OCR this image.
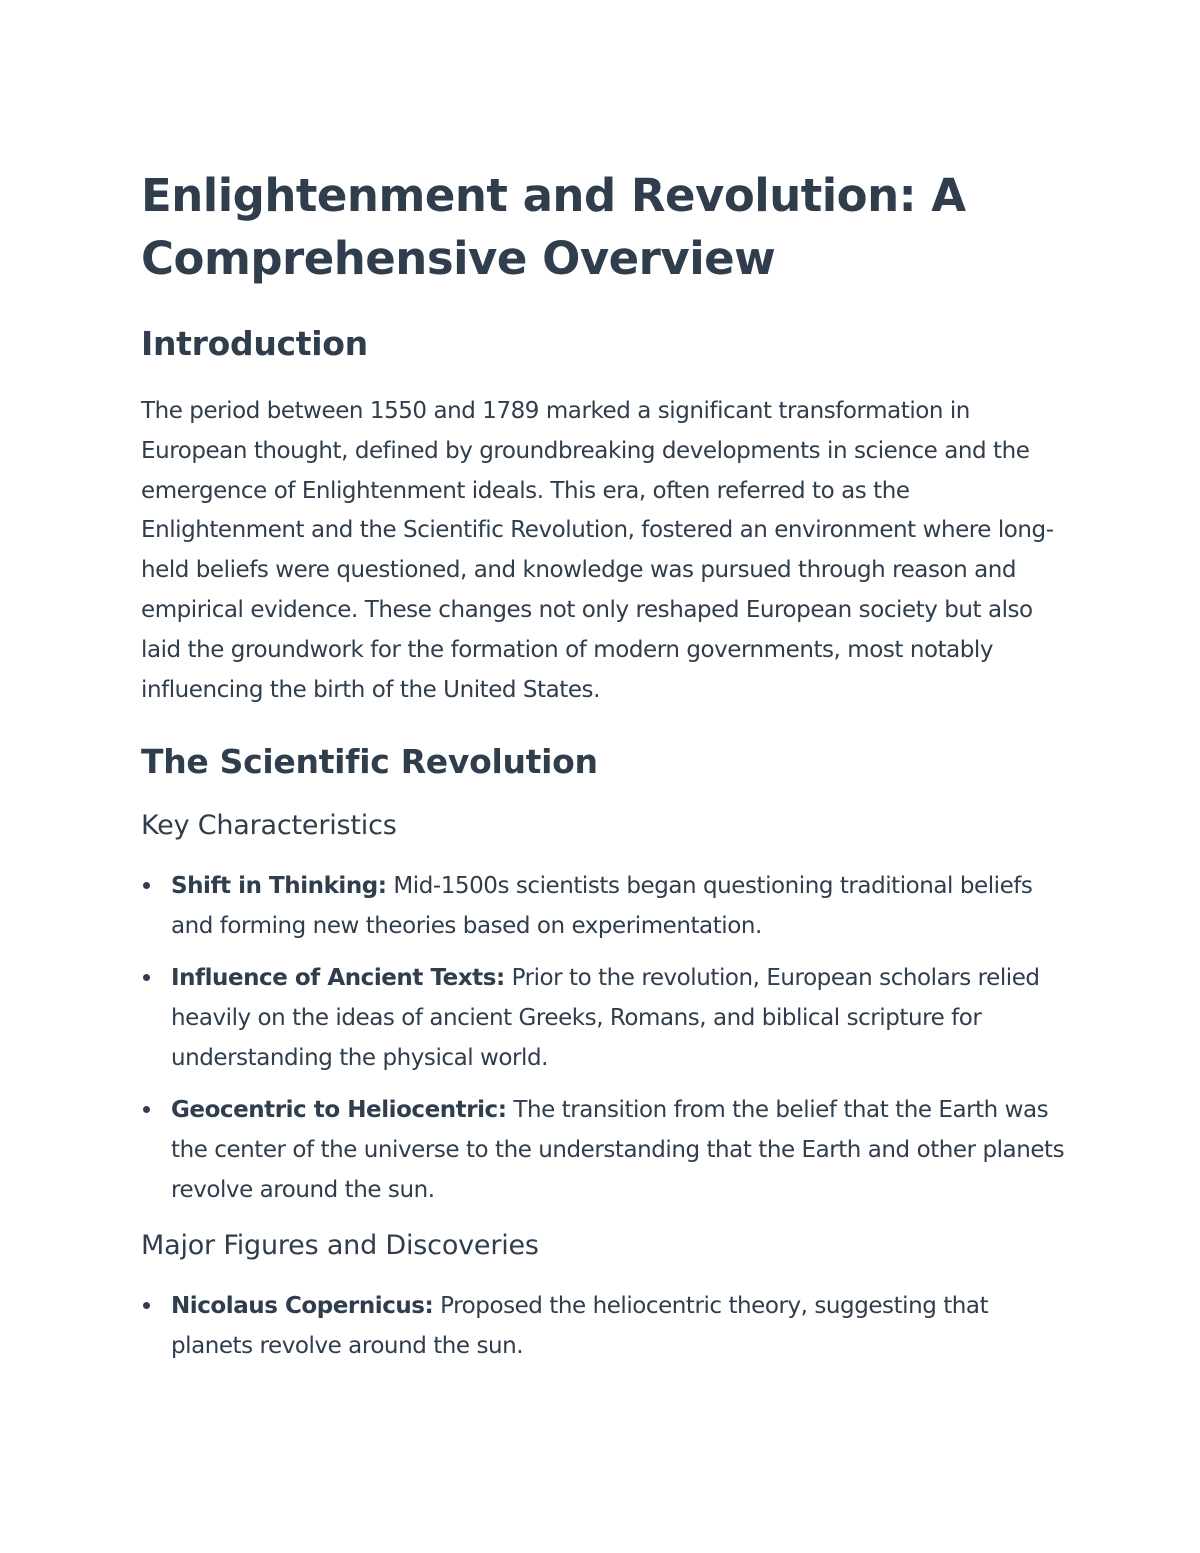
Enlightenment and Revolution: A Comprehensive Overview
Introduction

The period between 1550 and 1789 marked a significant transformation in European thought, defined by groundbreaking developments in science and the emergence of Enlightenment ideals. This era, often referred to as the Enlightenment and the Scientific Revolution, fostered an environment where long-held beliefs were questioned, and knowledge was pursued through reason and empirical evidence. These changes not only reshaped European society but also laid the groundwork for the formation of modern governments, most notably influencing the birth of the United States.

The Scientific Revolution
Key Characteristics
Shift in Thinking: Mid-1500s scientists began questioning traditional beliefs and forming new theories based on experimentation.
Influence of Ancient Texts: Prior to the revolution, European scholars relied heavily on the ideas of ancient Greeks, Romans, and biblical scripture for understanding the physical world.
Geocentric to Heliocentric: The transition from the belief that the Earth was the center of the universe to the understanding that the Earth and other planets revolve around the sun.
Major Figures and Discoveries
Nicolaus Copernicus: Proposed the heliocentric theory, suggesting that planets revolve around the sun.
